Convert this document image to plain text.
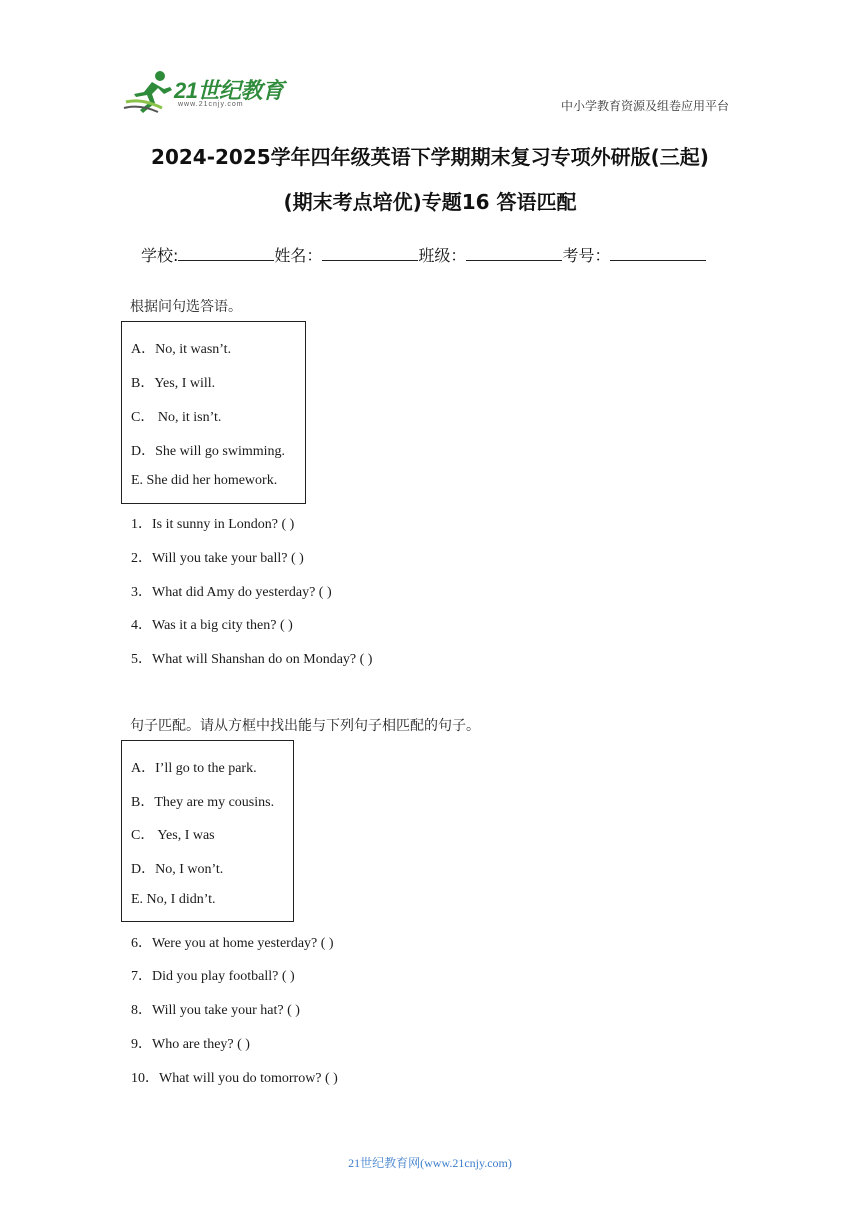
21世纪教育
www.21cnjy.com	中小学教育资源及组卷应用平台
2024-2025学年四年级英语下学期期末复习专项外研版(三起)
(期末考点培优)专题16 答语匹配
学校:	姓名：	班级：	考号：
根据问句选答语。
A．No, it wasn’t.
B．Yes, I will.
C． No, it isn’t.
D．She will go swimming.
E. She did her homework.
1．Is it sunny in London? ( )
2．Will you take your ball? ( )
3．What did Amy do yesterday? ( )
4．Was it a big city then? ( )
5．What will Shanshan do on Monday? ( )
句子匹配。请从方框中找出能与下列句子相匹配的句子。
A．I’ll go to the park.
B．They are my cousins.
C． Yes, I was
D．No, I won’t.
E. No, I didn’t.
6．Were you at home yesterday? ( )
7．Did you play football? ( )
8．Will you take your hat? ( )
9．Who are they? ( )
10．What will you do tomorrow? ( )
21世纪教育网(www.21cnjy.com)
